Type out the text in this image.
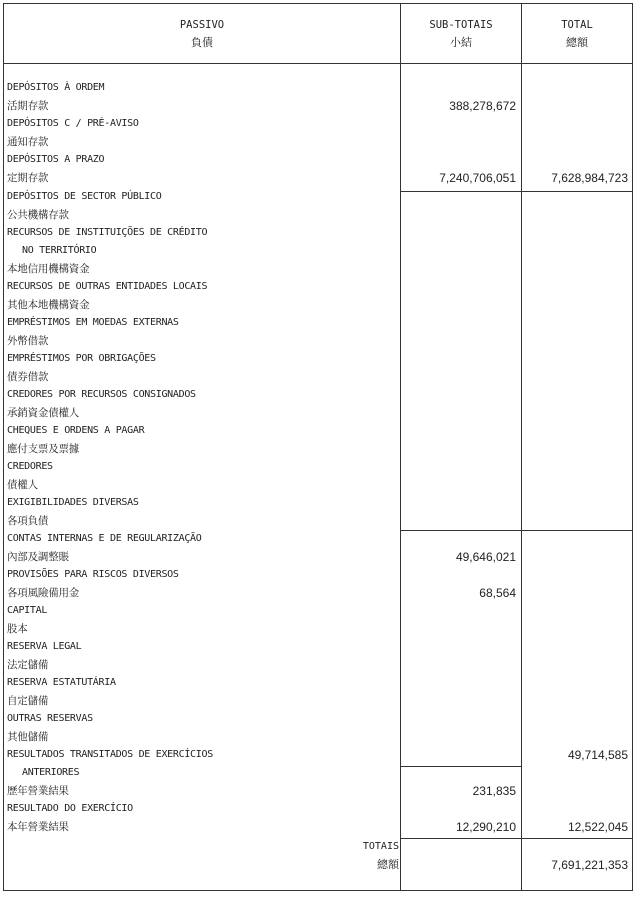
PASSIVO
負債
SUB-TOTAIS
小結
TOTAL
總額
DEPÓSITOS À ORDEM
活期存款
DEPÓSITOS C / PRÉ-AVISO
通知存款
DEPÓSITOS A PRAZO
定期存款
DEPÓSITOS DE SECTOR PÚBLICO
公共機構存款
RECURSOS DE INSTITUIÇÕES DE CRÉDITO
NO TERRITÓRIO
本地信用機構資金
RECURSOS DE OUTRAS ENTIDADES LOCAIS
其他本地機構資金
EMPRÉSTIMOS EM MOEDAS EXTERNAS
外幣借款
EMPRÉSTIMOS POR OBRIGAÇÕES
債券借款
CREDORES POR RECURSOS CONSIGNADOS
承銷資金債權人
CHEQUES E ORDENS A PAGAR
應付支票及票據
CREDORES
債權人
EXIGIBILIDADES DIVERSAS
各項負債
CONTAS INTERNAS E DE REGULARIZAÇÃO
內部及調整賬
PROVISÕES PARA RISCOS DIVERSOS
各項風險備用金
CAPITAL
股本
RESERVA LEGAL
法定儲備
RESERVA ESTATUTÁRIA
自定儲備
OUTRAS RESERVAS
其他儲備
RESULTADOS TRANSITADOS DE EXERCÍCIOS
ANTERIORES
歷年營業結果
RESULTADO DO EXERCÍCIO
本年營業結果
388,278,672
7,240,706,051
49,646,021
68,564
231,835
12,290,210
7,628,984,723
49,714,585
12,522,045
TOTAIS
總額	7,691,221,353
